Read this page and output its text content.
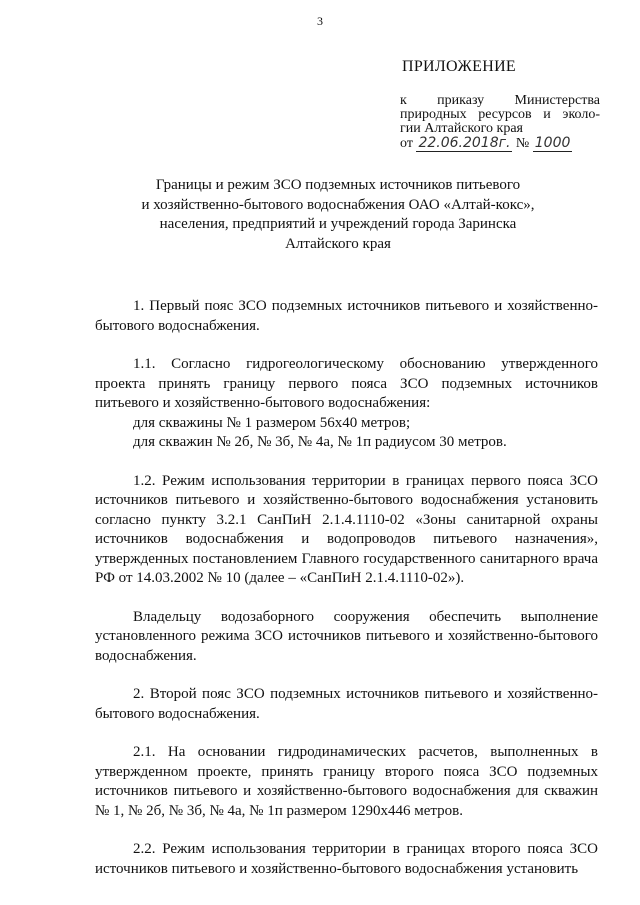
3
ПРИЛОЖЕНИЕ
к приказу Министерства
природных ресурсов и эколо-
гии Алтайского края
от 22.06.2018г. № 1000
Границы и режим ЗСО подземных источников питьевого
и хозяйственно-бытового водоснабжения ОАО «Алтай-кокс»,
населения, предприятий и учреждений города Заринска
Алтайского края

1. Первый пояс ЗСО подземных источников питьевого и хозяйственно-бытового водоснабжения.

1.1. Согласно гидрогеологическому обоснованию утвержденного проекта принять границу первого пояса ЗСО подземных источников питьевого и хозяйственно-бытового водоснабжения:

для скважины № 1 размером 56х40 метров;

для скважин № 2б, № 3б, № 4а, № 1п радиусом 30 метров.

1.2. Режим использования территории в границах первого пояса ЗСО источников питьевого и хозяйственно-бытового водоснабжения установить согласно пункту 3.2.1 СанПиН 2.1.4.1110-02 «Зоны санитарной охраны источников водоснабжения и водопроводов питьевого назначения», утвержденных постановлением Главного государственного санитарного врача РФ от 14.03.2002 № 10 (далее – «СанПиН 2.1.4.1110-02»).

Владельцу водозаборного сооружения обеспечить выполнение установленного режима ЗСО источников питьевого и хозяйственно-бытового водоснабжения.

2. Второй пояс ЗСО подземных источников питьевого и хозяйственно-бытового водоснабжения.

2.1. На основании гидродинамических расчетов, выполненных в утвержденном проекте, принять границу второго пояса ЗСО подземных источников питьевого и хозяйственно-бытового водоснабжения для скважин № 1, № 2б, № 3б, № 4а, № 1п размером 1290х446 метров.

2.2. Режим использования территории в границах второго пояса ЗСО источников питьевого и хозяйственно-бытового водоснабжения установить
